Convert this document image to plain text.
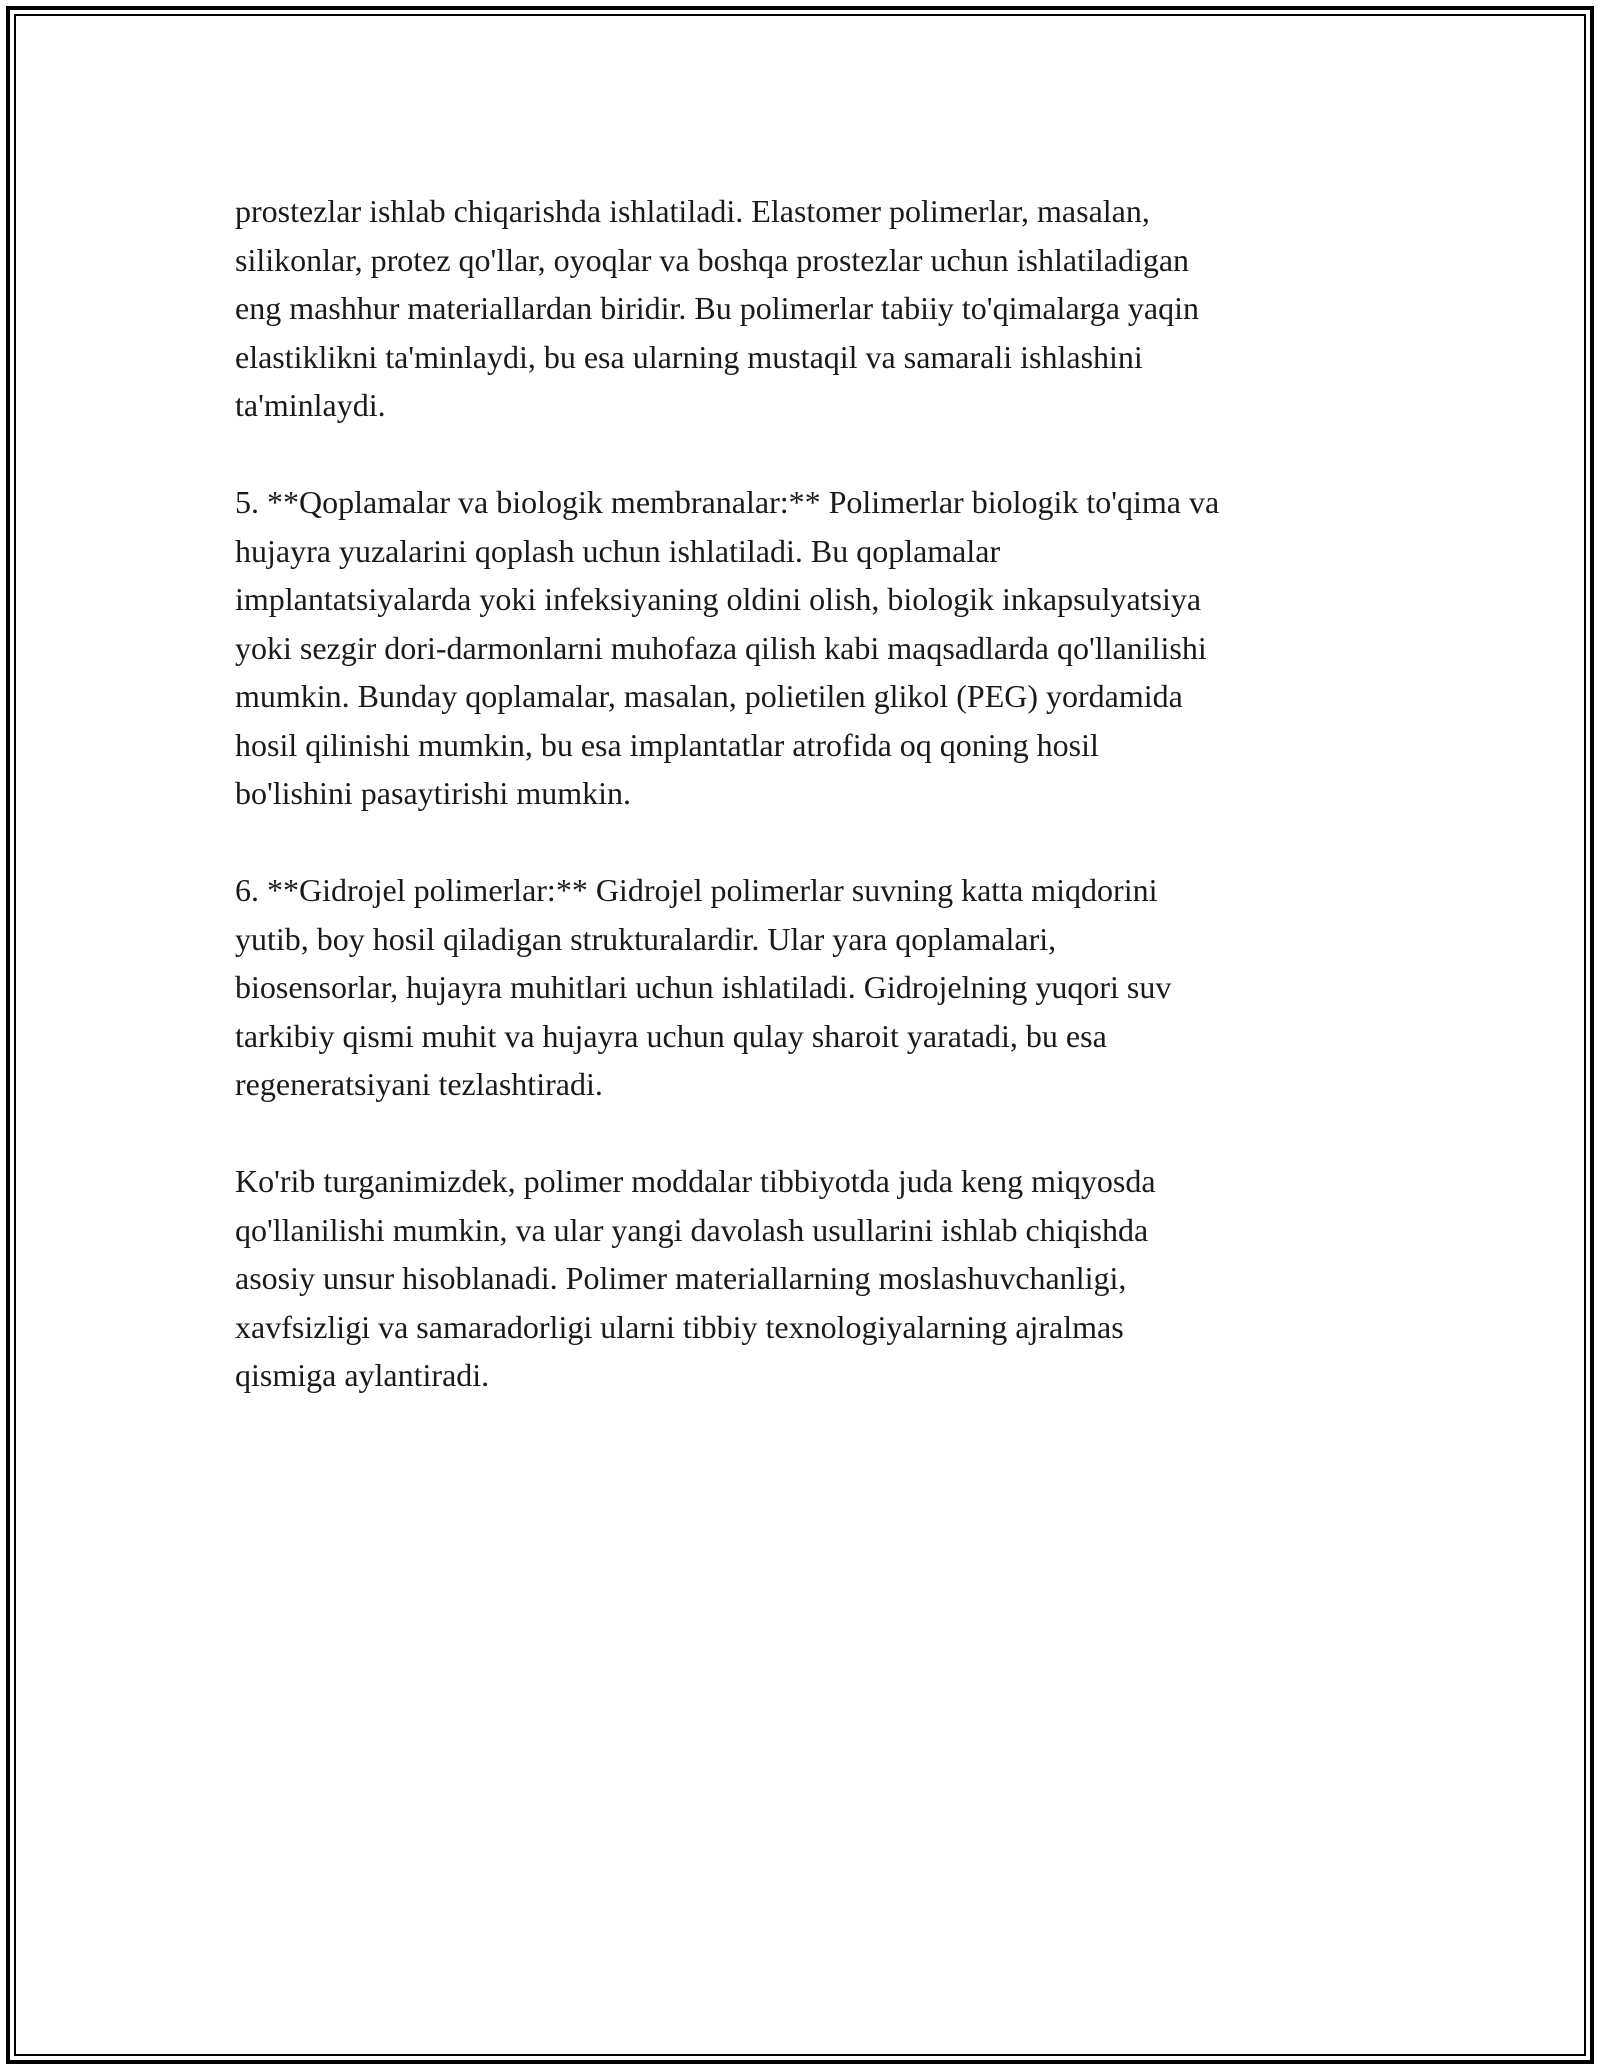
prostezlar ishlab chiqarishda ishlatiladi. Elastomer polimerlar, masalan,
silikonlar, protez qo'llar, oyoqlar va boshqa prostezlar uchun ishlatiladigan
eng mashhur materiallardan biridir. Bu polimerlar tabiiy to'qimalarga yaqin
elastiklikni ta'minlaydi, bu esa ularning mustaqil va samarali ishlashini
ta'minlaydi.

5. **Qoplamalar va biologik membranalar:** Polimerlar biologik to'qima va
hujayra yuzalarini qoplash uchun ishlatiladi. Bu qoplamalar
implantatsiyalarda yoki infeksiyaning oldini olish, biologik inkapsulyatsiya
yoki sezgir dori-darmonlarni muhofaza qilish kabi maqsadlarda qo'llanilishi
mumkin. Bunday qoplamalar, masalan, polietilen glikol (PEG) yordamida
hosil qilinishi mumkin, bu esa implantatlar atrofida oq qoning hosil
bo'lishini pasaytirishi mumkin.

6. **Gidrojel polimerlar:** Gidrojel polimerlar suvning katta miqdorini
yutib, boy hosil qiladigan strukturalardir. Ular yara qoplamalari,
biosensorlar, hujayra muhitlari uchun ishlatiladi. Gidrojelning yuqori suv
tarkibiy qismi muhit va hujayra uchun qulay sharoit yaratadi, bu esa
regeneratsiyani tezlashtiradi.

Ko'rib turganimizdek, polimer moddalar tibbiyotda juda keng miqyosda
qo'llanilishi mumkin, va ular yangi davolash usullarini ishlab chiqishda
asosiy unsur hisoblanadi. Polimer materiallarning moslashuvchanligi,
xavfsizligi va samaradorligi ularni tibbiy texnologiyalarning ajralmas
qismiga aylantiradi.
